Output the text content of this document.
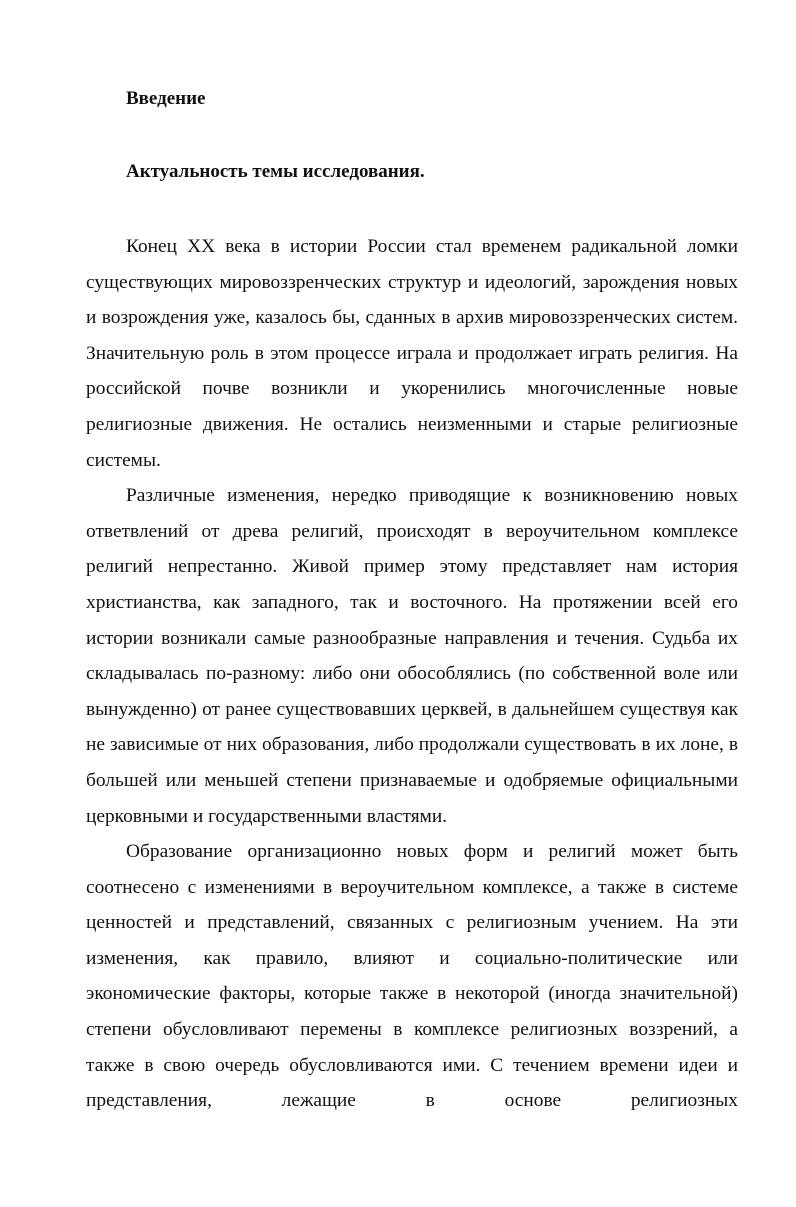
Введение
Актуальность темы исследования.

Конец XX века в истории России стал временем радикальной ломки существующих мировоззренческих структур и идеологий, зарождения новых и возрождения уже, казалось бы, сданных в архив мировоззренческих систем. Значительную роль в этом процессе играла и продолжает играть религия. На российской почве возникли и укоренились многочисленные новые религиозные движения. Не остались неизменными и старые религиозные системы.

Различные изменения, нередко приводящие к возникновению новых ответвлений от древа религий, происходят в вероучительном комплексе религий непрестанно. Живой пример этому представляет нам история христианства, как западного, так и восточного. На протяжении всей его истории возникали самые разнообразные направления и течения. Судьба их складывалась по-разному: либо они обособлялись (по собственной воле или вынужденно) от ранее существовавших церквей, в дальнейшем существуя как не зависимые от них образования, либо продолжали существовать в их лоне, в большей или меньшей степени признаваемые и одобряемые официальными церковными и государственными властями.

Образование организационно новых форм и религий может быть соотнесено с изменениями в вероучительном комплексе, а также в системе ценностей и представлений, связанных с религиозным учением. На эти изменения, как правило, влияют и социально-политические или экономические факторы, которые также в некоторой (иногда значительной) степени обусловливают перемены в комплексе религиозных воззрений, а также в свою очередь обусловливаются ими. С течением времени идеи и представления, лежащие в основе религиозных
